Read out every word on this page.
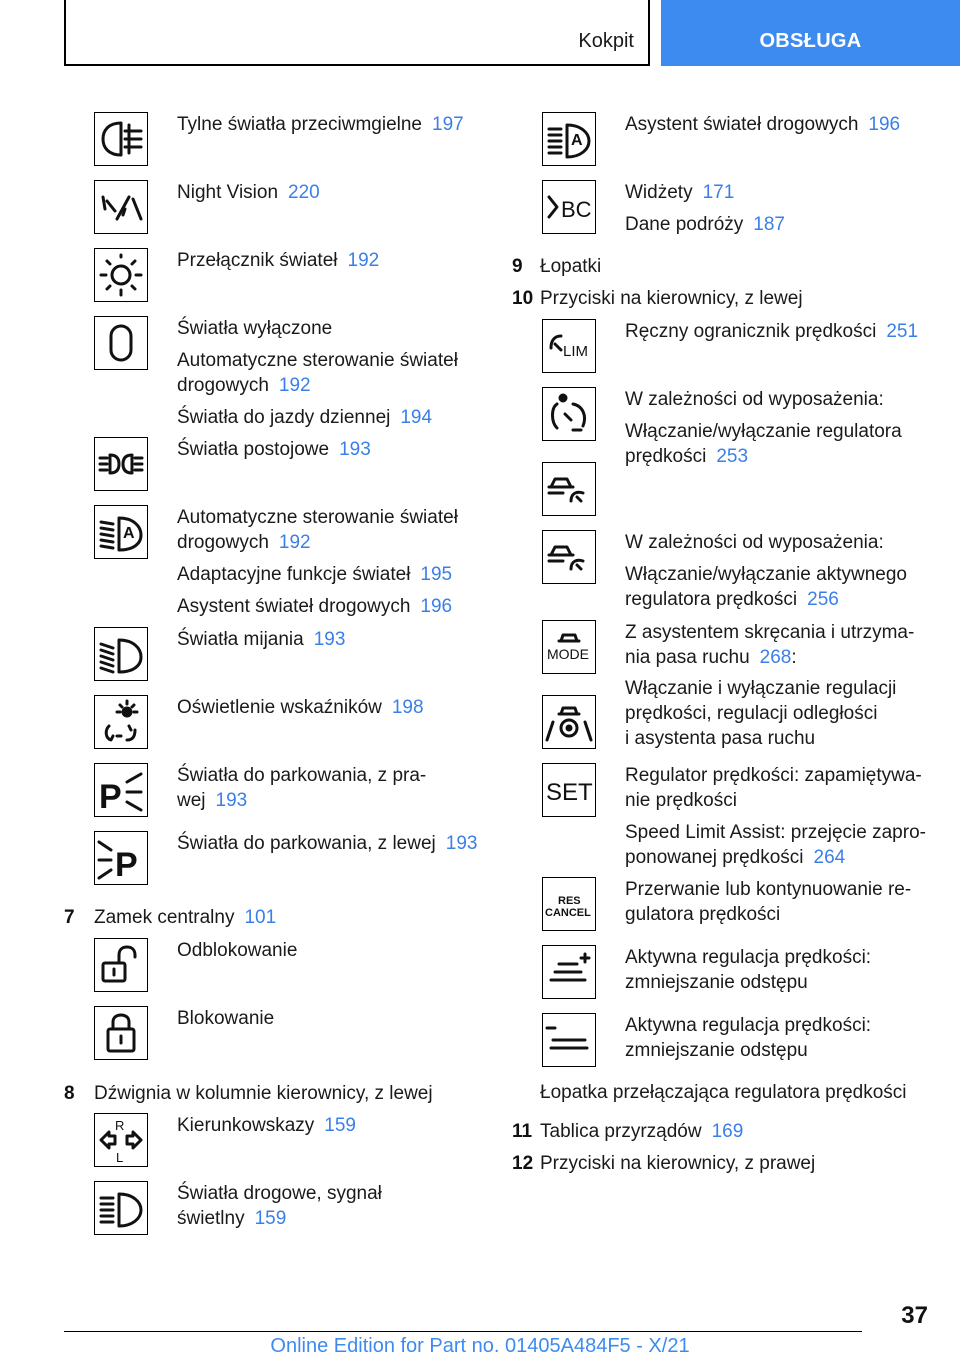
Kokpit	OBSŁUGA
Tylne światła przeciwmgielne 197
Night Vision 220
Przełącznik świateł 192
Światła wyłączone
Automatyczne sterowanie świateł
drogowych 192
Światła do jazdy dziennej 194
Światła postojowe 193
A
Automatyczne sterowanie świateł
drogowych 192
Adaptacyjne funkcje świateł 195
Asystent świateł drogowych 196
Światła mijania 193
Oświetlenie wskaźników 198
P
Światła do parkowania, z pra-
wej 193
P
Światła do parkowania, z lewej 193
7 Zamek centralny 101
Odblokowanie
Blokowanie
8 Dźwignia w kolumnie kierownicy, z lewej
R
L
Kierunkowskazy 159
Światła drogowe, sygnał
świetlny 159
A
Asystent świateł drogowych 196
BC
Widżety 171
Dane podróży 187
9 Łopatki
10 Przyciski na kierownicy, z lewej
LIM
Ręczny ogranicznik prędkości 251
W zależności od wyposażenia:
Włączanie/wyłączanie regulatora
prędkości 253
W zależności od wyposażenia:
Włączanie/wyłączanie aktywnego
regulatora prędkości 256
MODE
Z asystentem skręcania i utrzyma-
nia pasa ruchu 268:
Włączanie i wyłączanie regulacji
prędkości, regulacji odległości
i asystenta pasa ruchu
SET
Regulator prędkości: zapamiętywa-
nie prędkości
Speed Limit Assist: przejęcie zapro-
ponowanej prędkości 264
RES
CANCEL
Przerwanie lub kontynuowanie re-
gulatora prędkości
Aktywna regulacja prędkości:
zmniejszanie odstępu
Aktywna regulacja prędkości:
zmniejszanie odstępu
Łopatka przełączająca regulatora prędkości
11 Tablica przyrządów 169
12 Przyciski na kierownicy, z prawej
37
Online Edition for Part no. 01405A484F5 - X/21
